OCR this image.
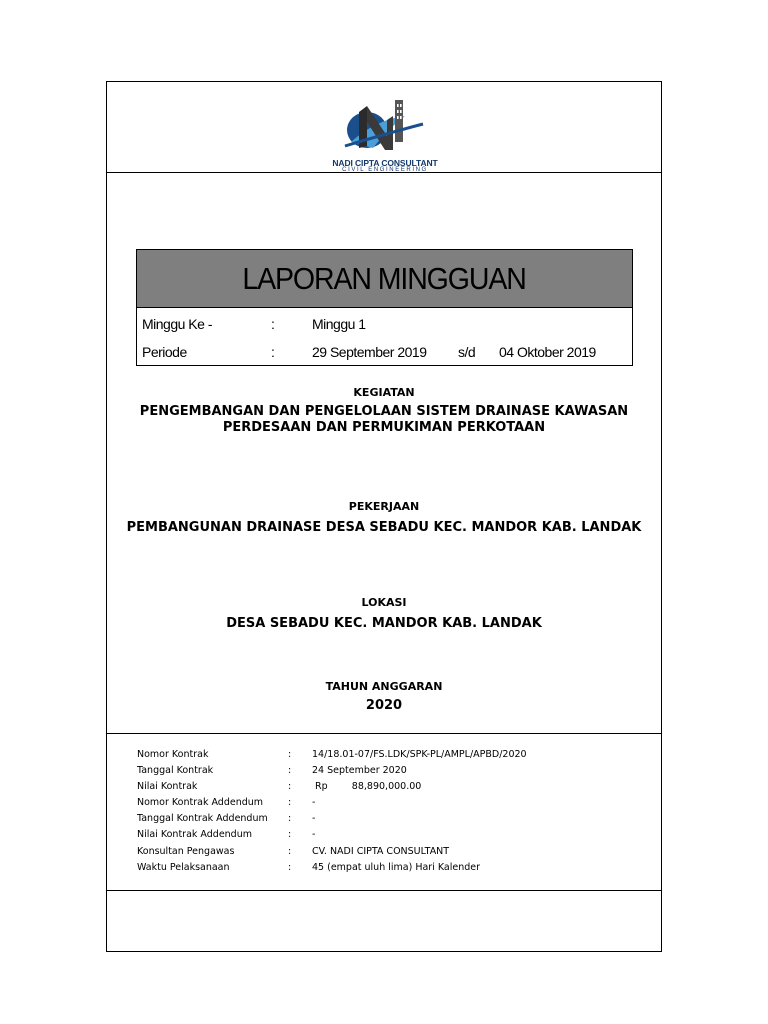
NADI CIPTA CONSULTANT
CIVIL ENGINEERING
LAPORAN MINGGUAN
Minggu Ke -	:	Minggu 1
Periode	:	29 September 2019 s/d 04 Oktober 2019
KEGIATAN
PENGEMBANGAN DAN PENGELOLAAN SISTEM DRAINASE KAWASAN
PERDESAAN DAN PERMUKIMAN PERKOTAAN
PEKERJAAN
PEMBANGUNAN DRAINASE DESA SEBADU KEC. MANDOR KAB. LANDAK
LOKASI
DESA SEBADU KEC. MANDOR KAB. LANDAK
TAHUN ANGGARAN
2020
Nomor Kontrak	: 14/18.01-07/FS.LDK/SPK-PL/AMPL/APBD/2020
Tanggal Kontrak	: 24 September 2020
Nilai Kontrak	: Rp        88,890,000.00
Nomor Kontrak Addendum	: -
Tanggal Kontrak Addendum	: -
Nilai Kontrak Addendum	: -
Konsultan Pengawas	: CV. NADI CIPTA CONSULTANT
Waktu Pelaksanaan	: 45 (empat uluh lima) Hari Kalender
